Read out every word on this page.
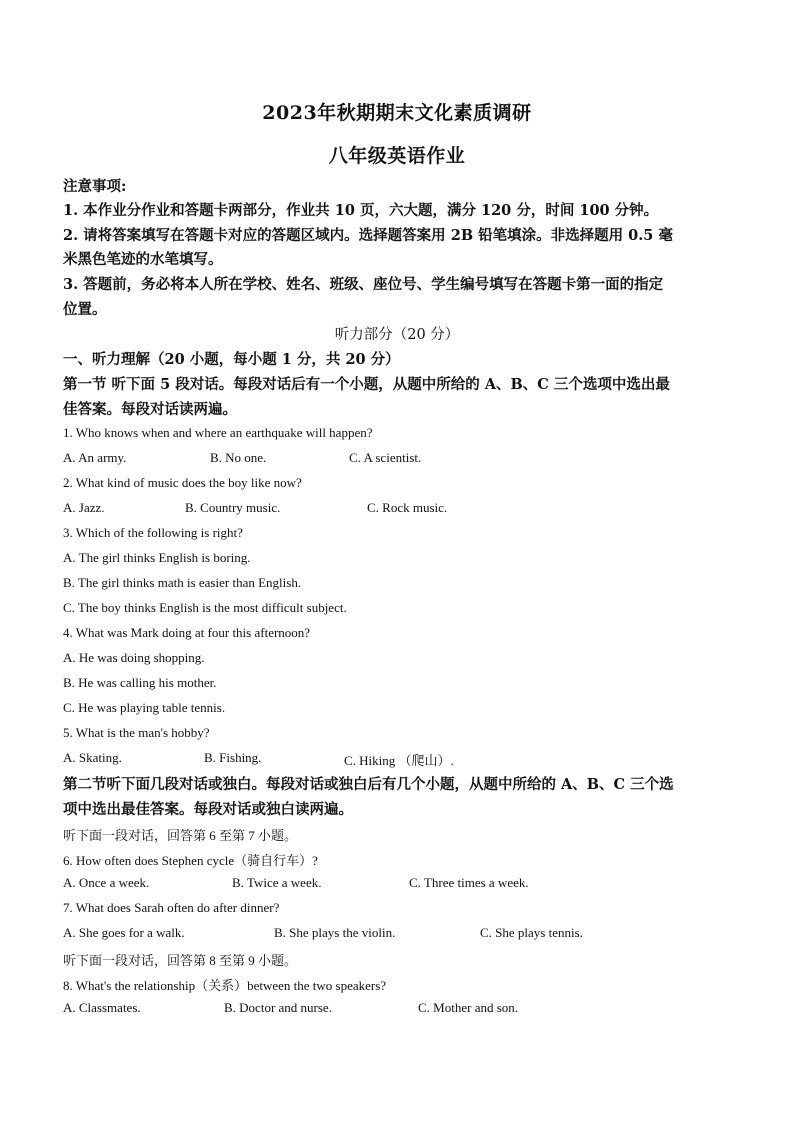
2023年秋期期末文化素质调研
八年级英语作业
注意事项:
1. 本作业分作业和答题卡两部分，作业共 10 页，六大题，满分 120 分，时间 100 分钟。
2. 请将答案填写在答题卡对应的答题区域内。选择题答案用 2B 铅笔填涂。非选择题用 0.5 毫
米黑色笔迹的水笔填写。
3. 答题前，务必将本人所在学校、姓名、班级、座位号、学生编号填写在答题卡第一面的指定
位置。
听力部分（20 分）
一、听力理解（20 小题，每小题 1 分，共 20 分）
第一节 听下面 5 段对话。每段对话后有一个小题，从题中所给的 A、B、C 三个选项中选出最
佳答案。每段对话读两遍。
1. Who knows when and where an earthquake will happen?
A. An army.	B. No one.	C. A scientist.
2. What kind of music does the boy like now?
A. Jazz.	B. Country music.	C. Rock music.
3. Which of the following is right?
A. The girl thinks English is boring.
B. The girl thinks math is easier than English.
C. The boy thinks English is the most difficult subject.
4. What was Mark doing at four this afternoon?
A. He was doing shopping.
B. He was calling his mother.
C. He was playing table tennis.
5. What is the man's hobby?
A. Skating.	B. Fishing.	C. Hiking （爬山）.
第二节听下面几段对话或独白。每段对话或独白后有几个小题，从题中所给的 A、B、C 三个选
项中选出最佳答案。每段对话或独白读两遍。
听下面一段对话，回答第 6 至第 7 小题。
6. How often does Stephen cycle（骑自行车）?
A. Once a week.	B. Twice a week.	C. Three times a week.
7. What does Sarah often do after dinner?
A. She goes for a walk.	B. She plays the violin.	C. She plays tennis.
听下面一段对话，回答第 8 至第 9 小题。
8. What's the relationship（关系）between the two speakers?
A. Classmates.	B. Doctor and nurse.	C. Mother and son.
